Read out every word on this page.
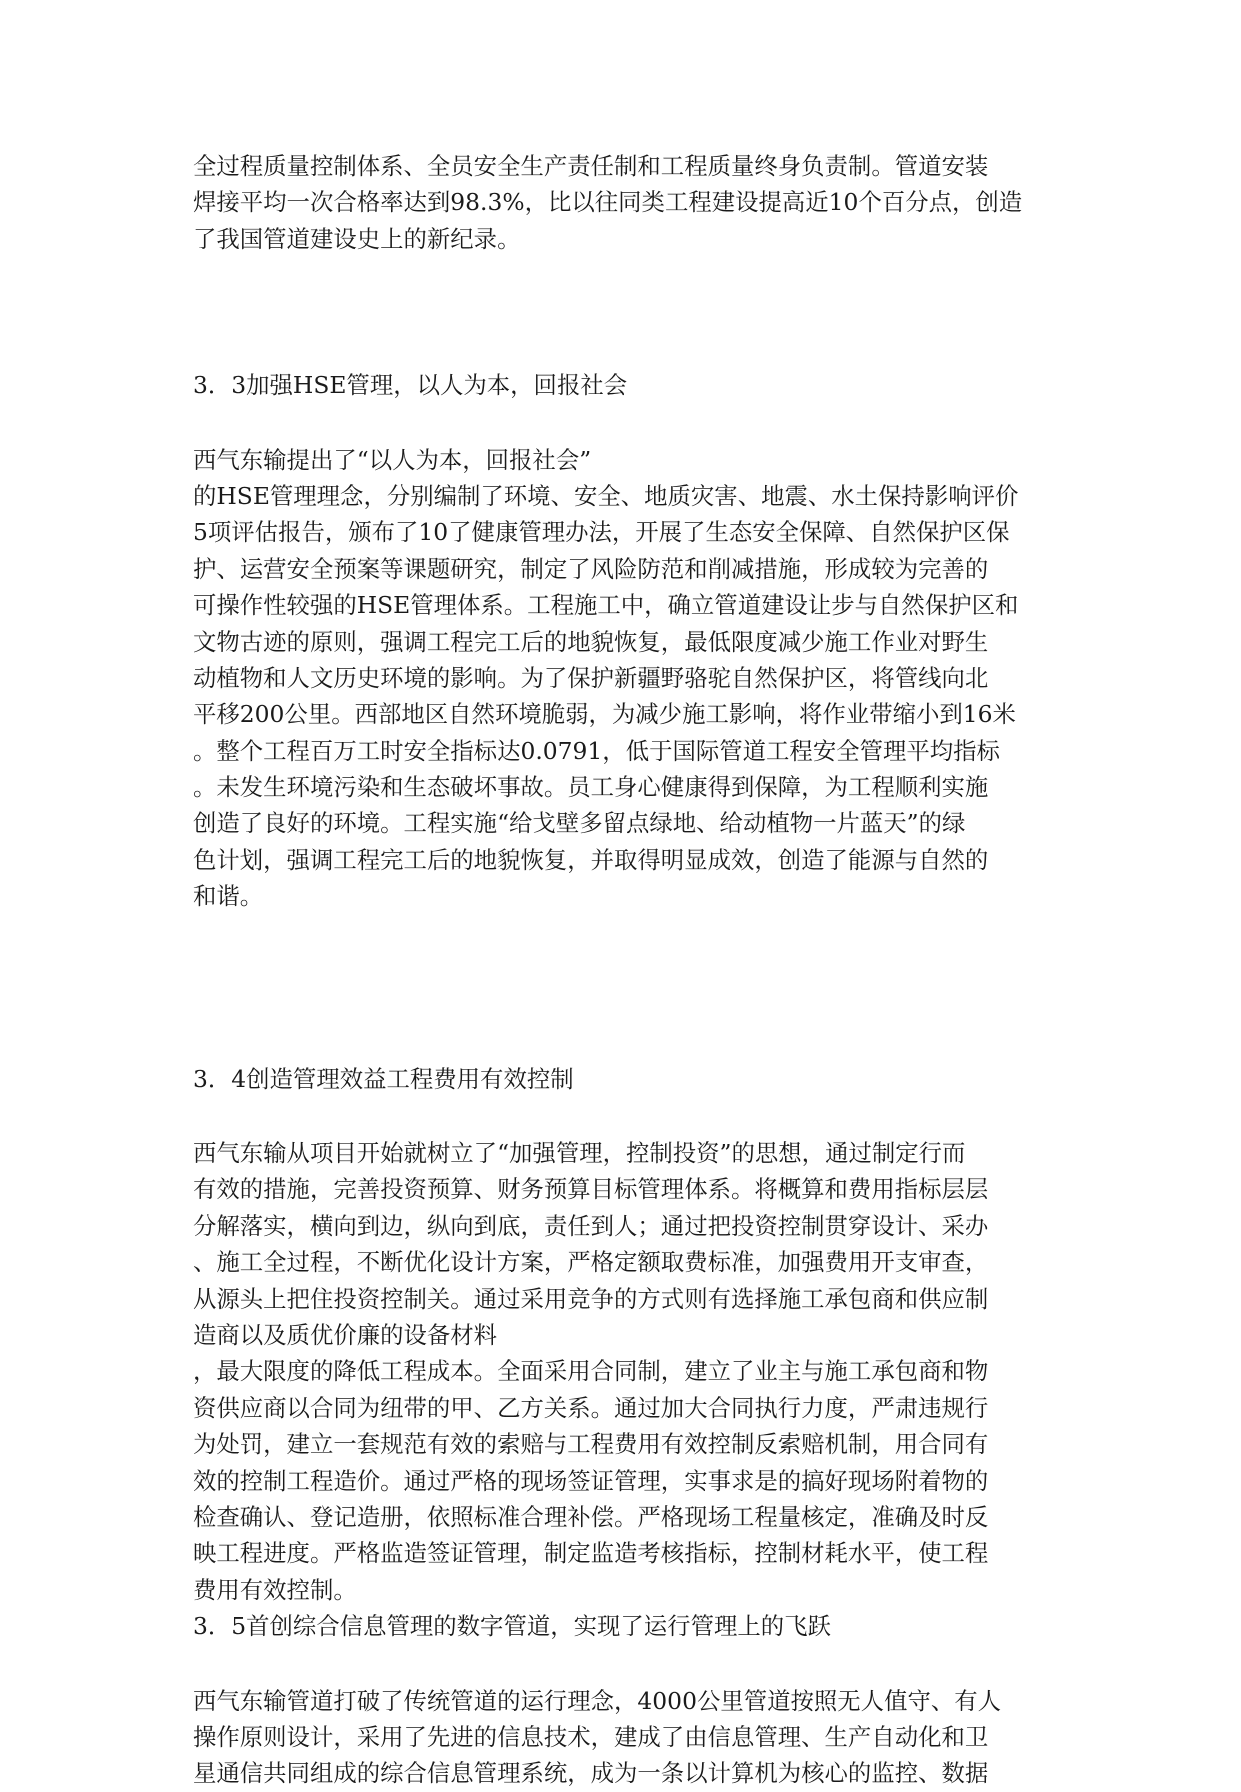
全过程质量控制体系、全员安全生产责任制和工程质量终身负责制。管道安装
焊接平均一次合格率达到98.3%，比以往同类工程建设提高近10个百分点，创造
了我国管道建设史上的新纪录。
3．3加强HSE管理，以人为本，回报社会
西气东输提出了“以人为本，回报社会”
的HSE管理理念，分别编制了环境、安全、地质灾害、地震、水土保持影响评价
5项评估报告，颁布了10了健康管理办法，开展了生态安全保障、自然保护区保
护、运营安全预案等课题研究，制定了风险防范和削减措施，形成较为完善的
可操作性较强的HSE管理体系。工程施工中，确立管道建设让步与自然保护区和
文物古迹的原则，强调工程完工后的地貌恢复，最低限度减少施工作业对野生
动植物和人文历史环境的影响。为了保护新疆野骆驼自然保护区，将管线向北
平移200公里。西部地区自然环境脆弱，为减少施工影响，将作业带缩小到16米
。整个工程百万工时安全指标达0.0791，低于国际管道工程安全管理平均指标
。未发生环境污染和生态破坏事故。员工身心健康得到保障，为工程顺利实施
创造了良好的环境。工程实施“给戈壁多留点绿地、给动植物一片蓝天”的绿
色计划，强调工程完工后的地貌恢复，并取得明显成效，创造了能源与自然的
和谐。
3．4创造管理效益工程费用有效控制
西气东输从项目开始就树立了“加强管理，控制投资”的思想，通过制定行而
有效的措施，完善投资预算、财务预算目标管理体系。将概算和费用指标层层
分解落实，横向到边，纵向到底，责任到人；通过把投资控制贯穿设计、采办
、施工全过程，不断优化设计方案，严格定额取费标准，加强费用开支审查，
从源头上把住投资控制关。通过采用竞争的方式则有选择施工承包商和供应制
造商以及质优价廉的设备材料
，最大限度的降低工程成本。全面采用合同制，建立了业主与施工承包商和物
资供应商以合同为纽带的甲、乙方关系。通过加大合同执行力度，严肃违规行
为处罚，建立一套规范有效的索赔与工程费用有效控制反索赔机制，用合同有
效的控制工程造价。通过严格的现场签证管理，实事求是的搞好现场附着物的
检查确认、登记造册，依照标准合理补偿。严格现场工程量核定，准确及时反
映工程进度。严格监造签证管理，制定监造考核指标，控制材耗水平，使工程
费用有效控制。
3．5首创综合信息管理的数字管道，实现了运行管理上的飞跃
西气东输管道打破了传统管道的运行理念，4000公里管道按照无人值守、有人
操作原则设计，采用了先进的信息技术，建成了由信息管理、生产自动化和卫
星通信共同组成的综合信息管理系统，成为一条以计算机为核心的监控、数据
